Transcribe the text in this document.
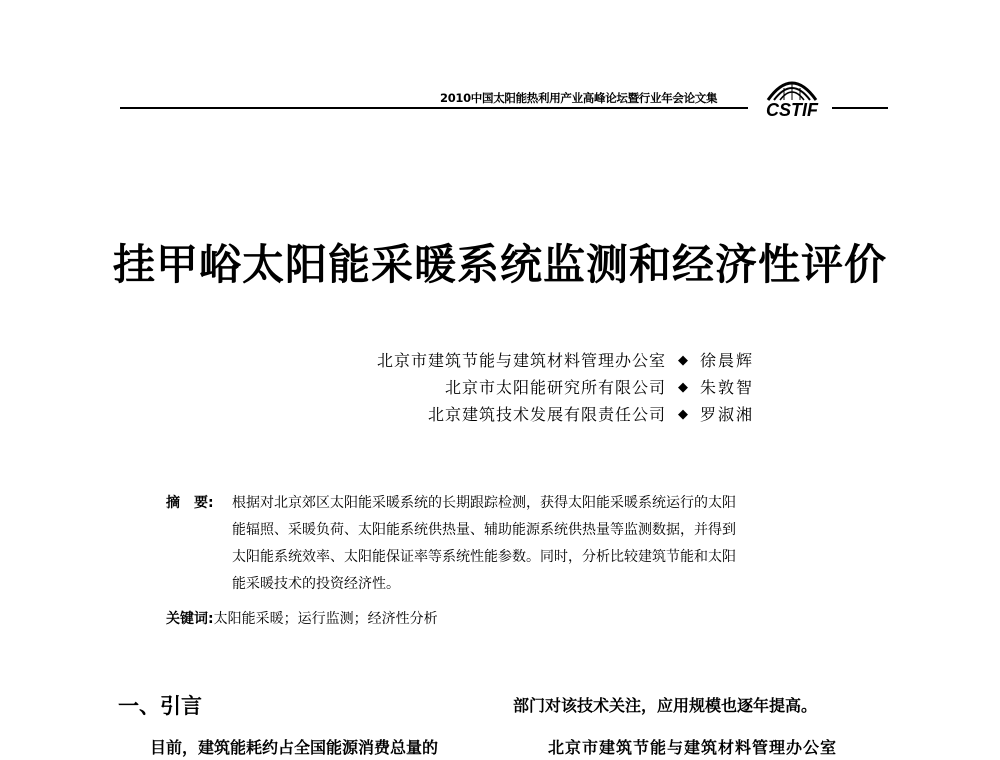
2010中国太阳能热利用产业高峰论坛暨行业年会论文集
CSTIF
挂甲峪太阳能采暖系统监测和经济性评价
北京市建筑节能与建筑材料管理办公室 ◆ 徐晨辉
北京市太阳能研究所有限公司 ◆ 朱敦智
北京建筑技术发展有限责任公司 ◆ 罗淑湘
摘　要:	根据对北京郊区太阳能采暖系统的长期跟踪检测，获得太阳能采暖系统运行的太阳
能辐照、采暖负荷、太阳能系统供热量、辅助能源系统供热量等监测数据，并得到
太阳能系统效率、太阳能保证率等系统性能参数。同时，分析比较建筑节能和太阳
能采暖技术的投资经济性。
关键词:太阳能采暖；运行监测；经济性分析
一、引言
目前，建筑能耗约占全国能源消费总量的
部门对该技术关注，应用规模也逐年提高。
北京市建筑节能与建筑材料管理办公室
